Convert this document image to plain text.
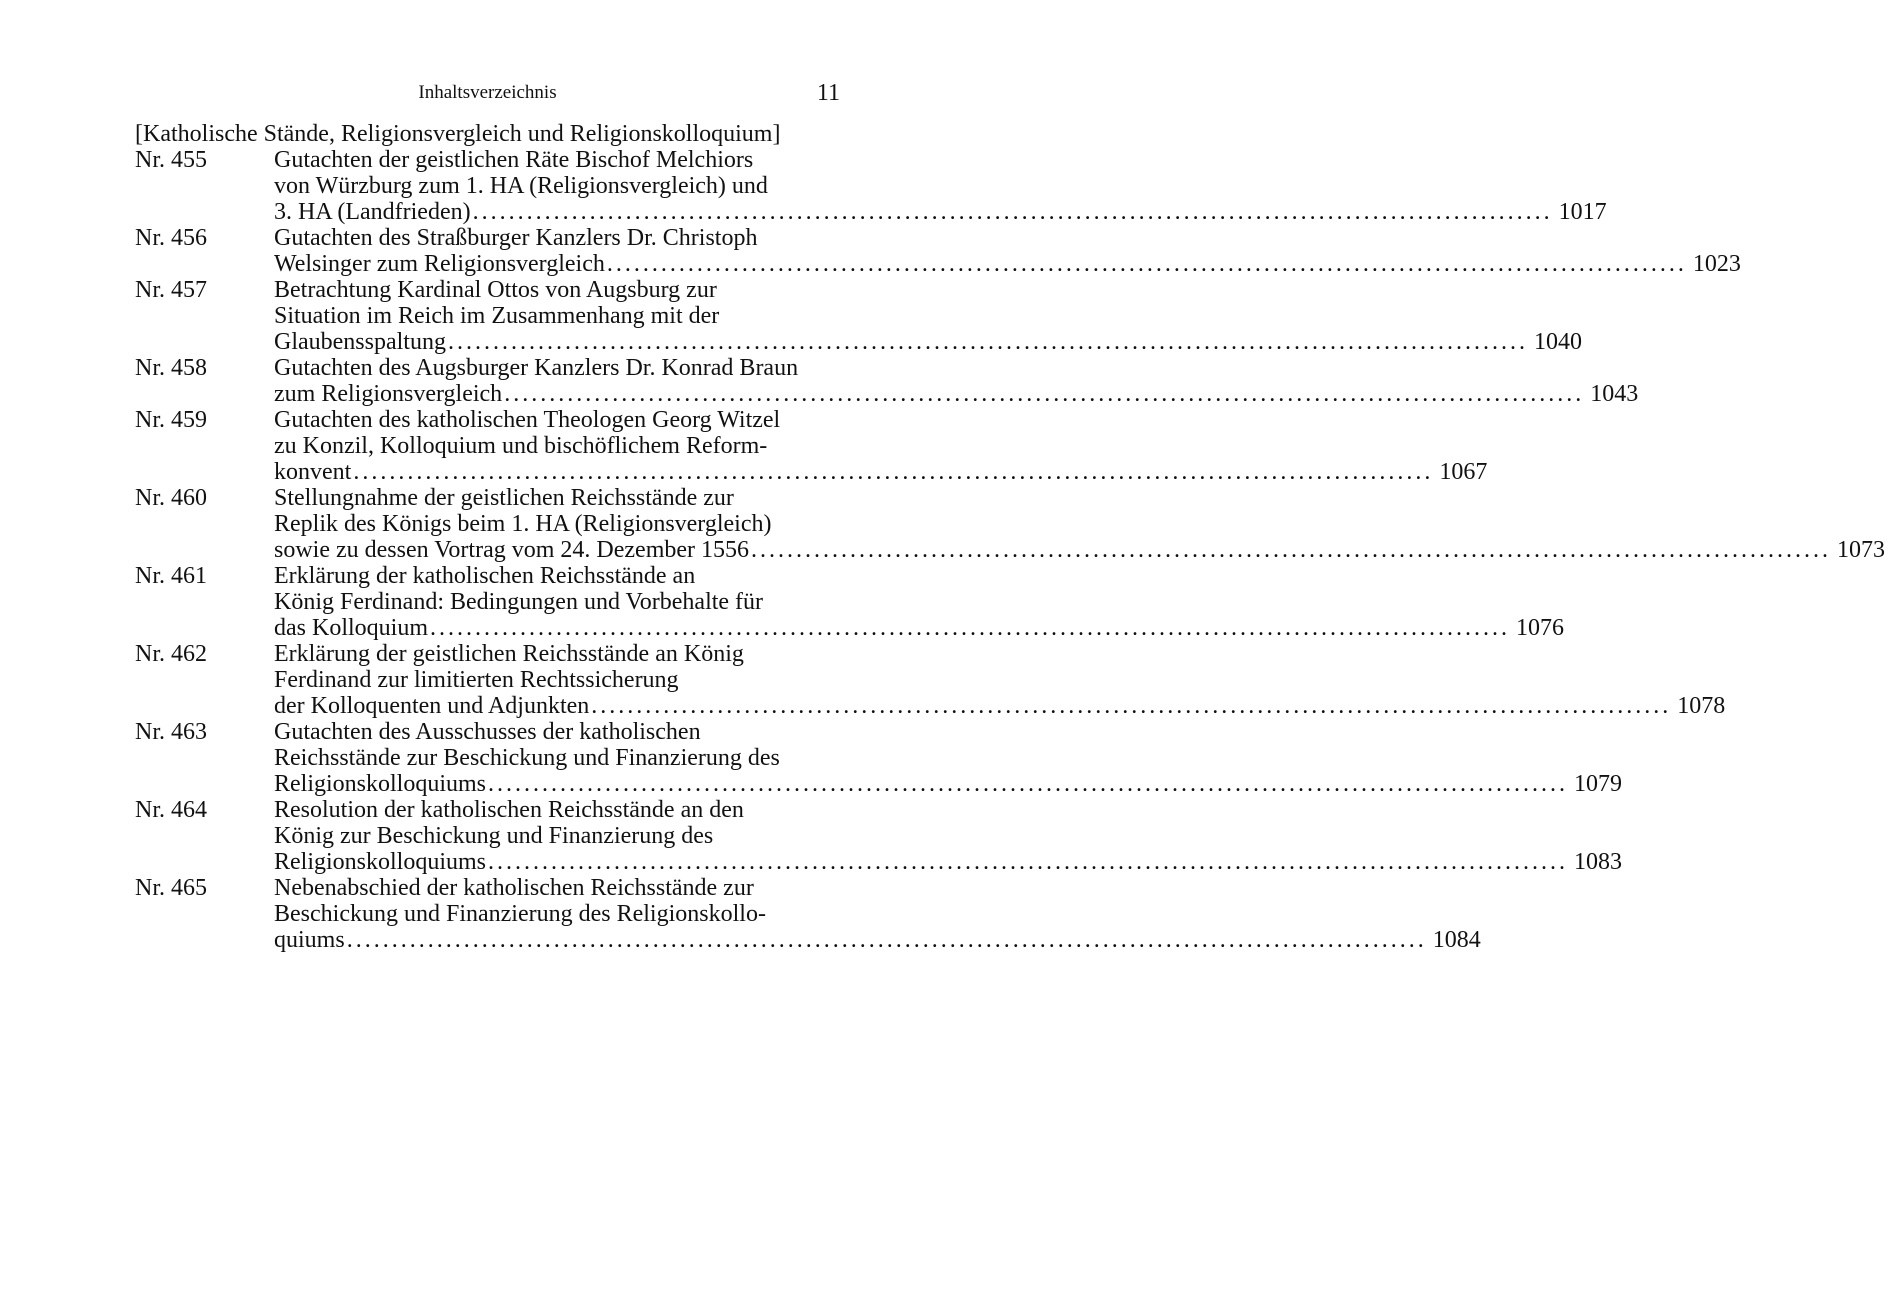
Inhaltsverzeichnis	11
[Katholische Stände, Religionsvergleich und Religionskolloquium]
Nr. 455	Gutachten der geistlichen Räte Bischof Melchiors
von Würzburg zum 1. HA (Religionsvergleich) und
3. HA (Landfrieden) ........................................................................................................................ 1017
Nr. 456	Gutachten des Straßburger Kanzlers Dr. Christoph
Welsinger zum Religionsvergleich ........................................................................................................................ 1023
Nr. 457	Betrachtung Kardinal Ottos von Augsburg zur
Situation im Reich im Zusammenhang mit der
Glaubensspaltung ........................................................................................................................ 1040
Nr. 458	Gutachten des Augsburger Kanzlers Dr. Konrad Braun
zum Religionsvergleich ........................................................................................................................ 1043
Nr. 459	Gutachten des katholischen Theologen Georg Witzel
zu Konzil, Kolloquium und bischöflichem Reform-
konvent ........................................................................................................................ 1067
Nr. 460	Stellungnahme der geistlichen Reichsstände zur
Replik des Königs beim 1. HA (Religionsvergleich)
sowie zu dessen Vortrag vom 24. Dezember 1556 ........................................................................................................................ 1073
Nr. 461	Erklärung der katholischen Reichsstände an
König Ferdinand: Bedingungen und Vorbehalte für
das Kolloquium ........................................................................................................................ 1076
Nr. 462	Erklärung der geistlichen Reichsstände an König
Ferdinand zur limitierten Rechtssicherung
der Kolloquenten und Adjunkten ........................................................................................................................ 1078
Nr. 463	Gutachten des Ausschusses der katholischen
Reichsstände zur Beschickung und Finanzierung des
Religionskolloquiums ........................................................................................................................ 1079
Nr. 464	Resolution der katholischen Reichsstände an den
König zur Beschickung und Finanzierung des
Religionskolloquiums ........................................................................................................................ 1083
Nr. 465	Nebenabschied der katholischen Reichsstände zur
Beschickung und Finanzierung des Religionskollo-
quiums ........................................................................................................................ 1084
